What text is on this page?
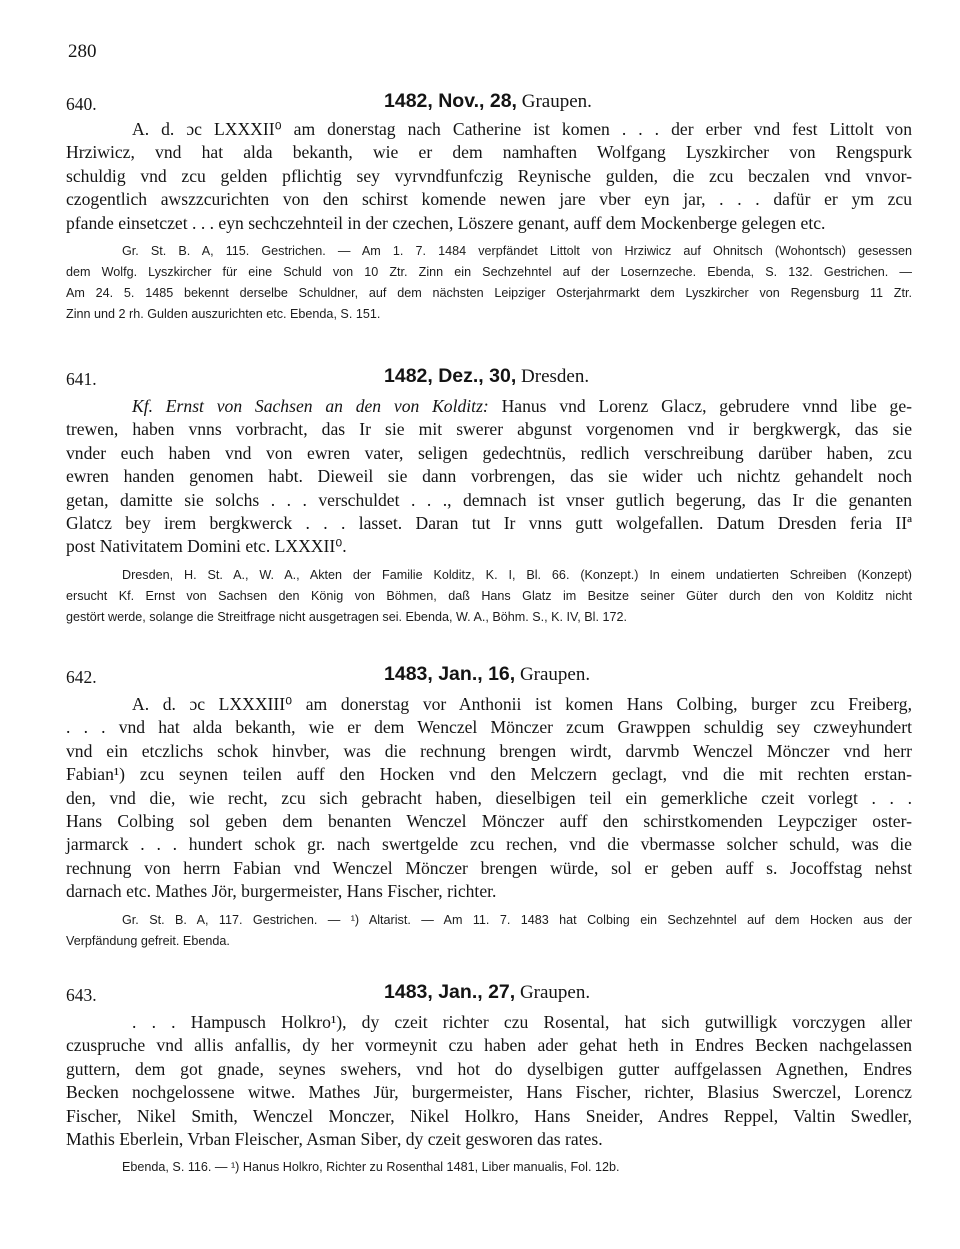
280
640.	1482, Nov., 28, Graupen.

A. d. ɔc LXXXII⁰ am donerstag nach Catherine ist komen . . . der erber vnd fest Littolt von
Hrziwicz, vnd hat alda bekanth, wie er dem namhaften Wolfgang Lyszkircher von Rengspurk
schuldig vnd zcu gelden pflichtig sey vyrvndfunfczig Reynische gulden, die zcu beczalen vnd vnvor-
czogentlich awszzcurichten von den schirst komende newen jare vber eyn jar, . . . dafür er ym zcu
pfande einsetczet . . . eyn sechczehnteil in der czechen, Löszere genant, auff dem Mockenberge gelegen etc.

Gr. St. B. A, 115. Gestrichen. — Am 1. 7. 1484 verpfändet Littolt von Hrziwicz auf Ohnitsch (Wohontsch) gesessen
dem Wolfg. Lyszkircher für eine Schuld von 10 Ztr. Zinn ein Sechzehntel auf der Losernzeche. Ebenda, S. 132. Gestrichen. —
Am 24. 5. 1485 bekennt derselbe Schuldner, auf dem nächsten Leipziger Osterjahrmarkt dem Lyszkircher von Regensburg 11 Ztr.
Zinn und 2 rh. Gulden auszurichten etc. Ebenda, S. 151.
641.	1482, Dez., 30, Dresden.

Kf. Ernst von Sachsen an den von Kolditz: Hanus vnd Lorenz Glacz, gebrudere vnnd libe ge-
trewen, haben vnns vorbracht, das Ir sie mit swerer abgunst vorgenomen vnd ir bergkwergk, das sie
vnder euch haben vnd von ewren vater, seligen gedechtnüs, redlich verschreibung darüber haben, zcu
ewren handen genomen habt. Dieweil sie dann vorbrengen, das sie wider uch nichtz gehandelt noch
getan, damitte sie solchs . . . verschuldet . . ., demnach ist vnser gutlich begerung, das Ir die genanten
Glatcz bey irem bergkwerck . . . lasset. Daran tut Ir vnns gutt wolgefallen. Datum Dresden feria IIª
post Nativitatem Domini etc. LXXXII⁰.

Dresden, H. St. A., W. A., Akten der Familie Kolditz, K. I, Bl. 66. (Konzept.) In einem undatierten Schreiben (Konzept)
ersucht Kf. Ernst von Sachsen den König von Böhmen, daß Hans Glatz im Besitze seiner Güter durch den von Kolditz nicht
gestört werde, solange die Streitfrage nicht ausgetragen sei. Ebenda, W. A., Böhm. S., K. IV, Bl. 172.
642.	1483, Jan., 16, Graupen.

A. d. ɔc LXXXIII⁰ am donerstag vor Anthonii ist komen Hans Colbing, burger zcu Freiberg,
. . . vnd hat alda bekanth, wie er dem Wenczel Mönczer zcum Grawppen schuldig sey czweyhundert
vnd ein etczlichs schok hinvber, was die rechnung brengen wirdt, darvmb Wenczel Mönczer vnd herr
Fabian¹) zcu seynen teilen auff den Hocken vnd den Melczern geclagt, vnd die mit rechten erstan-
den, vnd die, wie recht, zcu sich gebracht haben, dieselbigen teil ein gemerkliche czeit vorlegt . . .
Hans Colbing sol geben dem benanten Wenczel Mönczer auff den schirstkomenden Leypcziger oster-
jarmarck . . . hundert schok gr. nach swertgelde zcu rechen, vnd die vbermasse solcher schuld, was die
rechnung von herrn Fabian vnd Wenczel Mönczer brengen würde, sol er geben auff s. Jocoffstag nehst
darnach etc. Mathes Jör, burgermeister, Hans Fischer, richter.

Gr. St. B. A, 117. Gestrichen. — ¹) Altarist. — Am 11. 7. 1483 hat Colbing ein Sechzehntel auf dem Hocken aus der
Verpfändung gefreit. Ebenda.
643.	1483, Jan., 27, Graupen.

. . . Hampusch Holkro¹), dy czeit richter czu Rosental, hat sich gutwilligk vorczygen aller
czuspruche vnd allis anfallis, dy her vormeynit czu haben ader gehat heth in Endres Becken nachgelassen
guttern, dem got gnade, seynes swehers, vnd hot do dyselbigen gutter auffgelassen Agnethen, Endres
Becken nochgelossene witwe. Mathes Jür, burgermeister, Hans Fischer, richter, Blasius Swerczel, Lorencz
Fischer, Nikel Smith, Wenczel Monczer, Nikel Holkro, Hans Sneider, Andres Reppel, Valtin Swedler,
Mathis Eberlein, Vrban Fleischer, Asman Siber, dy czeit gesworen das rates.

Ebenda, S. 116. — ¹) Hanus Holkro, Richter zu Rosenthal 1481, Liber manualis, Fol. 12b.
